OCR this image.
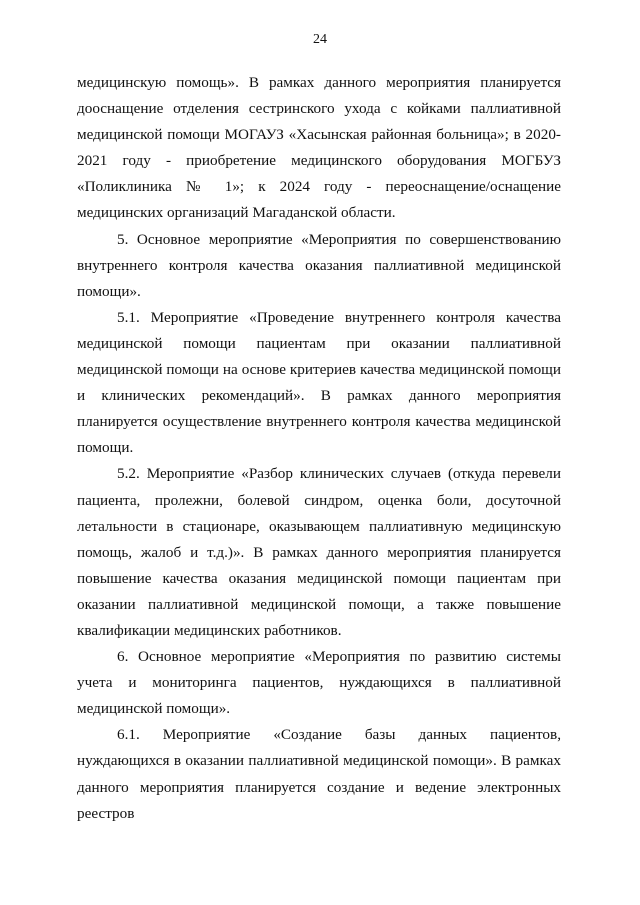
24

медицинскую помощь». В рамках данного мероприятия планируется дооснащение отделения сестринского ухода с койками паллиативной медицинской помощи МОГАУЗ «Хасынская районная больница»; в 2020-2021 году - приобретение медицинского оборудования МОГБУЗ «Поликлиника № 1»; к 2024 году - переоснащение/оснащение медицинских организаций Магаданской области.

5. Основное мероприятие «Мероприятия по совершенствованию внутреннего контроля качества оказания паллиативной медицинской помощи».

5.1. Мероприятие «Проведение внутреннего контроля качества медицинской помощи пациентам при оказании паллиативной медицинской помощи на основе критериев качества медицинской помощи и клинических рекомендаций». В рамках данного мероприятия планируется осуществление внутреннего контроля качества медицинской помощи.

5.2. Мероприятие «Разбор клинических случаев (откуда перевели пациента, пролежни, болевой синдром, оценка боли, досуточной летальности в стационаре, оказывающем паллиативную медицинскую помощь, жалоб и т.д.)». В рамках данного мероприятия планируется повышение качества оказания медицинской помощи пациентам при оказании паллиативной медицинской помощи, а также повышение квалификации медицинских работников.

6. Основное мероприятие «Мероприятия по развитию системы учета и мониторинга пациентов, нуждающихся в паллиативной медицинской помощи».

6.1. Мероприятие «Создание базы данных пациентов, нуждающихся в оказании паллиативной медицинской помощи». В рамках данного мероприятия планируется создание и ведение электронных реестров
